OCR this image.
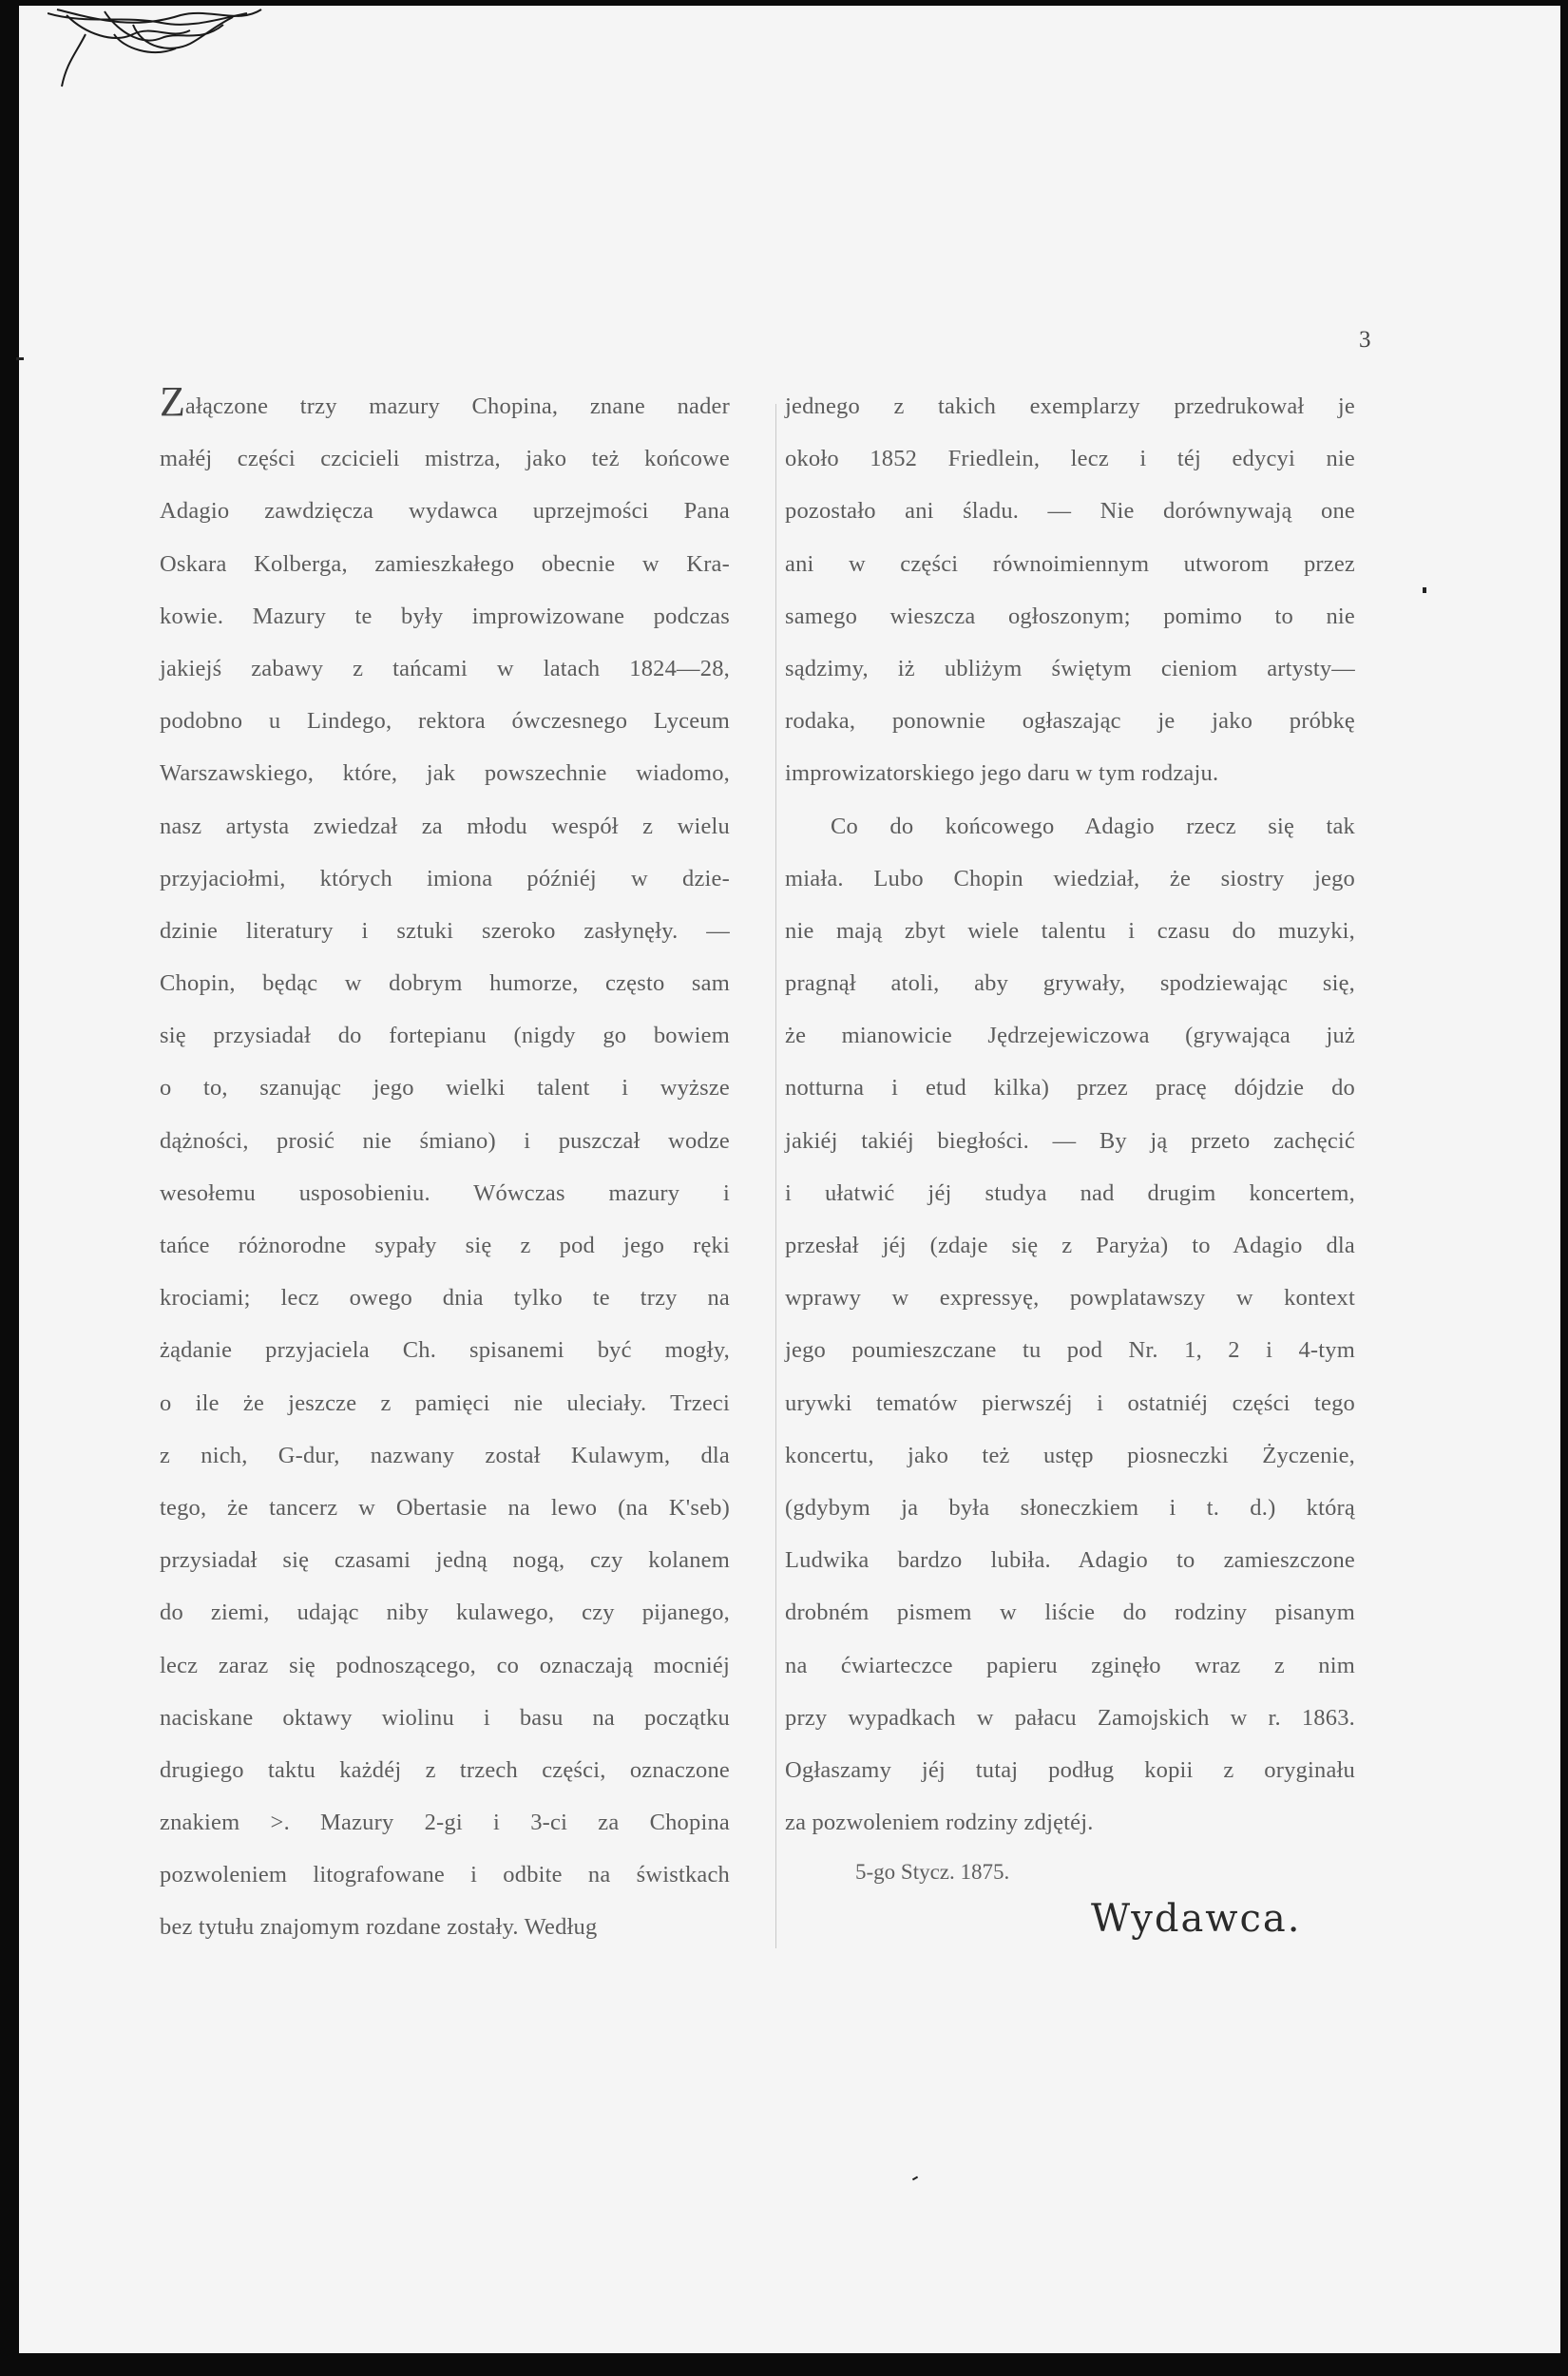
3
Załączone trzy mazury Chopina, znane nader
małéj części czcicieli mistrza, jako też końcowe
Adagio zawdzięcza wydawca uprzejmości Pana
Oskara Kolberga, zamieszkałego obecnie w Kra-
kowie. Mazury te były improwizowane podczas
jakiejś zabawy z tańcami w latach 1824—28,
podobno u Lindego, rektora ówczesnego Lyceum
Warszawskiego, które, jak powszechnie wiadomo,
nasz artysta zwiedzał za młodu wespół z wielu
przyjaciołmi, których imiona późniéj w dzie-
dzinie literatury i sztuki szeroko zasłynęły. —
Chopin, będąc w dobrym humorze, często sam
się przysiadał do fortepianu (nigdy go bowiem
o to, szanując jego wielki talent i wyższe
dążności, prosić nie śmiano) i puszczał wodze
wesołemu usposobieniu. Wówczas mazury i
tańce różnorodne sypały się z pod jego ręki
krociami; lecz owego dnia tylko te trzy na
żądanie przyjaciela Ch. spisanemi być mogły,
o ile że jeszcze z pamięci nie uleciały. Trzeci
z nich, G-dur, nazwany został Kulawym, dla
tego, że tancerz w Obertasie na lewo (na K'seb)
przysiadał się czasami jedną nogą, czy kolanem
do ziemi, udając niby kulawego, czy pijanego,
lecz zaraz się podnoszącego, co oznaczają mocniéj
naciskane oktawy wiolinu i basu na początku
drugiego taktu każdéj z trzech części, oznaczone
znakiem >. Mazury 2-gi i 3-ci za Chopina
pozwoleniem litografowane i odbite na świstkach
bez tytułu znajomym rozdane zostały. Według
jednego z takich exemplarzy przedrukował je
około 1852 Friedlein, lecz i téj edycyi nie
pozostało ani śladu. — Nie dorównywają one
ani w części równoimiennym utworom przez
samego wieszcza ogłoszonym; pomimo to nie
sądzimy, iż ubliżym świętym cieniom artysty—
rodaka, ponownie ogłaszając je jako próbkę
improwizatorskiego jego daru w tym rodzaju.
Co do końcowego Adagio rzecz się tak
miała. Lubo Chopin wiedział, że siostry jego
nie mają zbyt wiele talentu i czasu do muzyki,
pragnął atoli, aby grywały, spodziewając się,
że mianowicie Jędrzejewiczowa (grywająca już
notturna i etud kilka) przez pracę dójdzie do
jakiéj takiéj biegłości. — By ją przeto zachęcić
i ułatwić jéj studya nad drugim koncertem,
przesłał jéj (zdaje się z Paryża) to Adagio dla
wprawy w expressyę, powplatawszy w kontext
jego poumieszczane tu pod Nr. 1, 2 i 4-tym
urywki tematów pierwszéj i ostatniéj części tego
koncertu, jako też ustęp piosneczki Życzenie,
(gdybym ja była słoneczkiem i t. d.) którą
Ludwika bardzo lubiła. Adagio to zamieszczone
drobném pismem w liście do rodziny pisanym
na ćwiarteczce papieru zginęło wraz z nim
przy wypadkach w pałacu Zamojskich w r. 1863.
Ogłaszamy jéj tutaj podług kopii z oryginału
za pozwoleniem rodziny zdjętéj.
5-go Stycz. 1875.
Wydawca.
